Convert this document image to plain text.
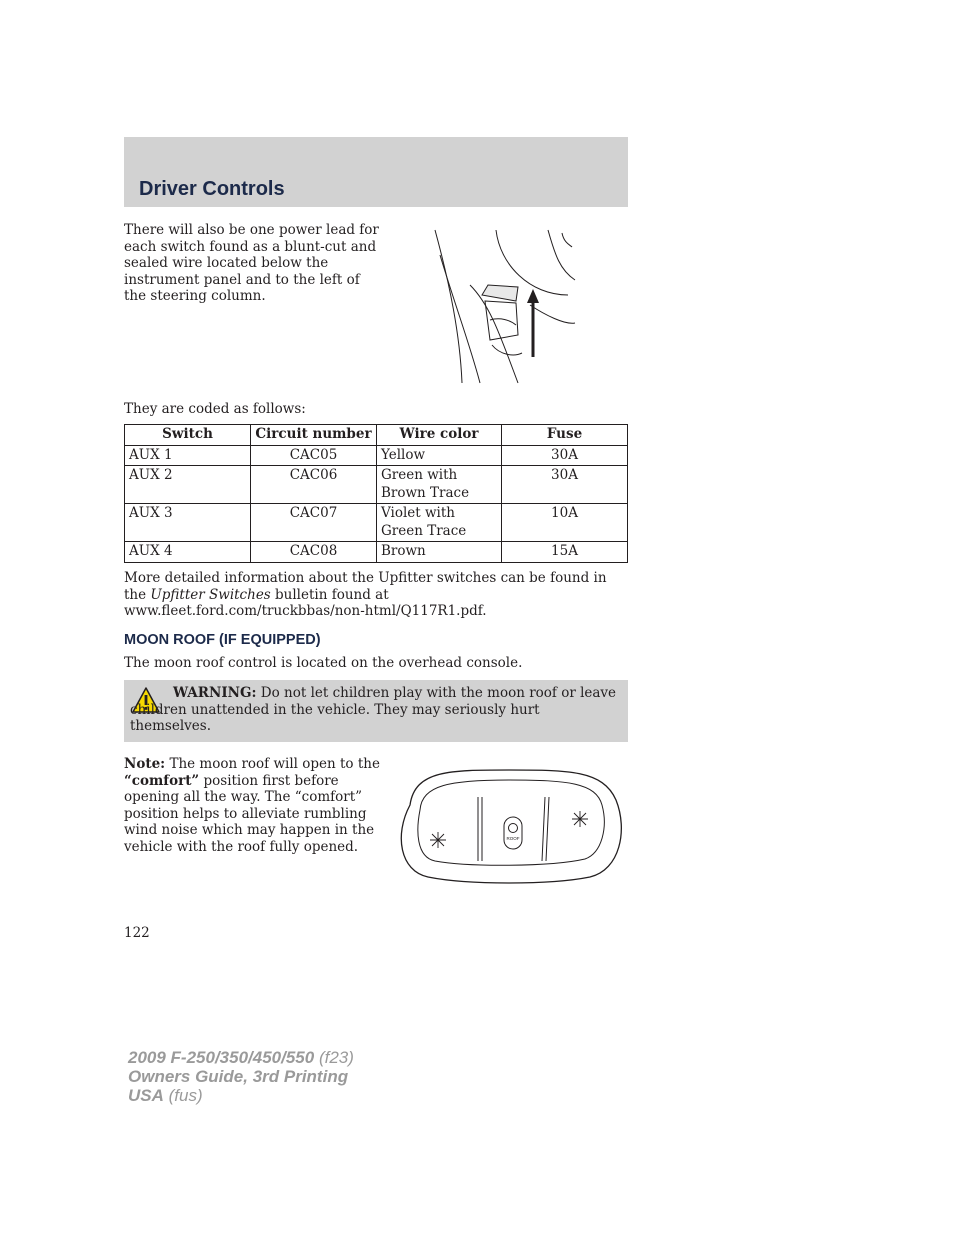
Driver Controls
There will also be one power lead for each switch found as a blunt-cut and sealed wire located below the instrument panel and to the left of the steering column.
They are coded as follows:
Switch	Circuit number	Wire color	Fuse
AUX 1	CAC05	Yellow	30A
AUX 2	CAC06	Green with Brown Trace	30A
AUX 3	CAC07	Violet with Green Trace	10A
AUX 4	CAC08	Brown	15A
More detailed information about the Upfitter switches can be found in the Upfitter Switches bulletin found at www.fleet.ford.com/truckbbas/non-html/Q117R1.pdf.
MOON ROOF (IF EQUIPPED)
The moon roof control is located on the overhead console.
WARNING: Do not let children play with the moon roof or leave children unattended in the vehicle. They may seriously hurt themselves.
Note: The moon roof will open to the “comfort” position first before opening all the way. The “comfort” position helps to alleviate rumbling wind noise which may happen in the vehicle with the roof fully opened.	ROOF
122
2009 F-250/350/450/550 (f23)
Owners Guide, 3rd Printing
USA (fus)
